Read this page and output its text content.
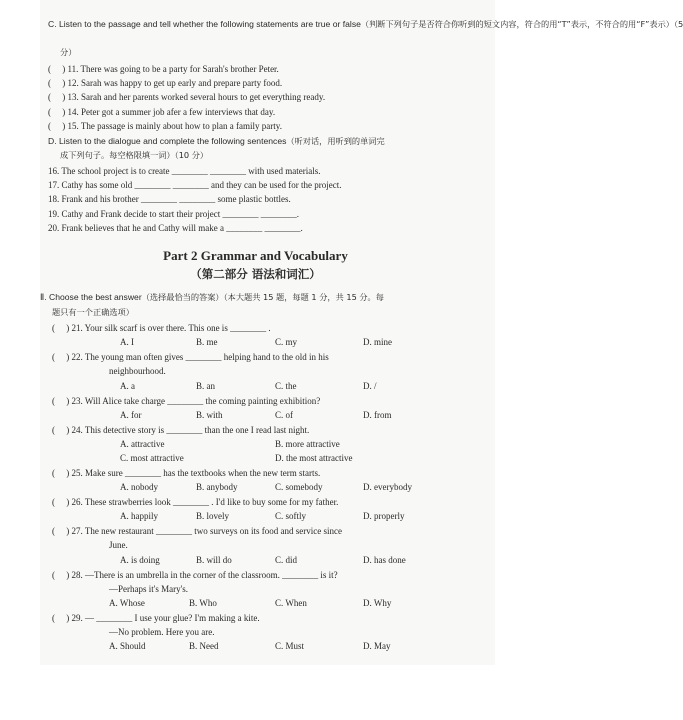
C. Listen to the passage and tell whether the following statements are true or false（判断下列句子是否符合你听到的短文内容，符合的用“T”表示，不符合的用“F”表示）（5
分）
( ) 11. There was going to be a party for Sarah's brother Peter.
( ) 12. Sarah was happy to get up early and prepare party food.
( ) 13. Sarah and her parents worked several hours to get everything ready.
( ) 14. Peter got a summer job afer a few interviews that day.
( ) 15. The passage is mainly about how to plan a family party.
D. Listen to the dialogue and complete the following sentences（听对话，用听到的单词完
成下列句子。每空格限填一词）（10 分）
16. The school project is to create ________ ________ with used materials.
17. Cathy has some old ________ ________ and they can be used for the project.
18. Frank and his brother ________ ________ some plastic bottles.
19. Cathy and Frank decide to start their project ________ ________.
20. Frank believes that he and Cathy will make a ________ ________.
Part 2 Grammar and Vocabulary
（第二部分 语法和词汇）
Ⅱ. Choose the best answer（选择最恰当的答案）（本大题共 15 题，每题 1 分，共 15 分。每
题只有一个正确选项）
( ) 21. Your silk scarf is over there. This one is ________ .
A. I	B. me	C. my	D. mine
( ) 22. The young man often gives ________ helping hand to the old in his
neighbourhood.
A. a	B. an	C. the	D. /
( ) 23. Will Alice take charge ________ the coming painting exhibition?
A. for	B. with	C. of	D. from
( ) 24. This detective story is ________ than the one I read last night.
A. attractive	B. more attractive
C. most attractive	D. the most attractive
( ) 25. Make sure ________ has the textbooks when the new term starts.
A. nobody	B. anybody	C. somebody	D. everybody
( ) 26. These strawberries look ________ . I'd like to buy some for my father.
A. happily	B. lovely	C. softly	D. properly
( ) 27. The new restaurant ________ two surveys on its food and service since
June.
A. is doing	B. will do	C. did	D. has done
( ) 28. —There is an umbrella in the corner of the classroom. ________ is it?
—Perhaps it's Mary's.
A. Whose	B. Who	C. When	D. Why
( ) 29. — ________ I use your glue? I'm making a kite.
—No problem. Here you are.
A. Should	B. Need	C. Must	D. May
